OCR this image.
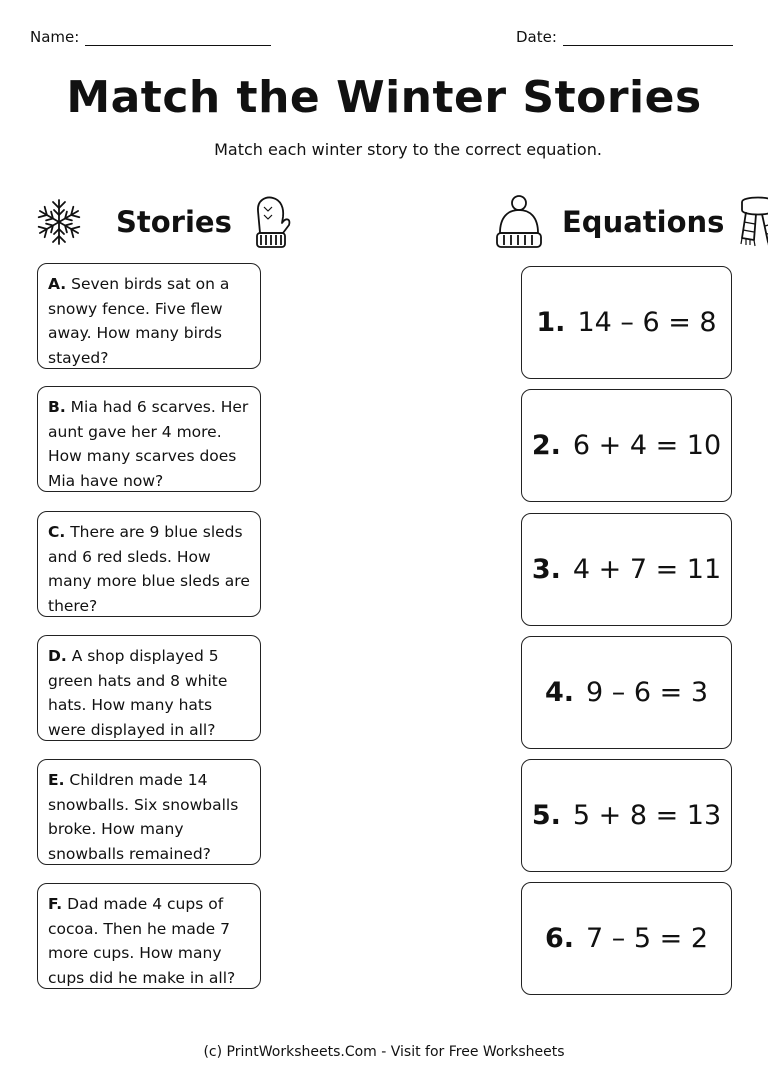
Name:	Date:
Match the Winter Stories
Match each winter story to the correct equation.
Stories	Equations
A. Seven birds sat on a snowy fence. Five flew away. How many birds stayed?
B. Mia had 6 scarves. Her aunt gave her 4 more. How many scarves does Mia have now?
C. There are 9 blue sleds and 6 red sleds. How many more blue sleds are there?
D. A shop displayed 5 green hats and 8 white hats. How many hats were displayed in all?
E. Children made 14 snowballs. Six snowballs broke. How many snowballs remained?
F. Dad made 4 cups of cocoa. Then he made 7 more cups. How many cups did he make in all?
1. 14 – 6 = 8
2. 6 + 4 = 10
3. 4 + 7 = 11
4. 9 – 6 = 3
5. 5 + 8 = 13
6. 7 – 5 = 2
(c) PrintWorksheets.Com - Visit for Free Worksheets
